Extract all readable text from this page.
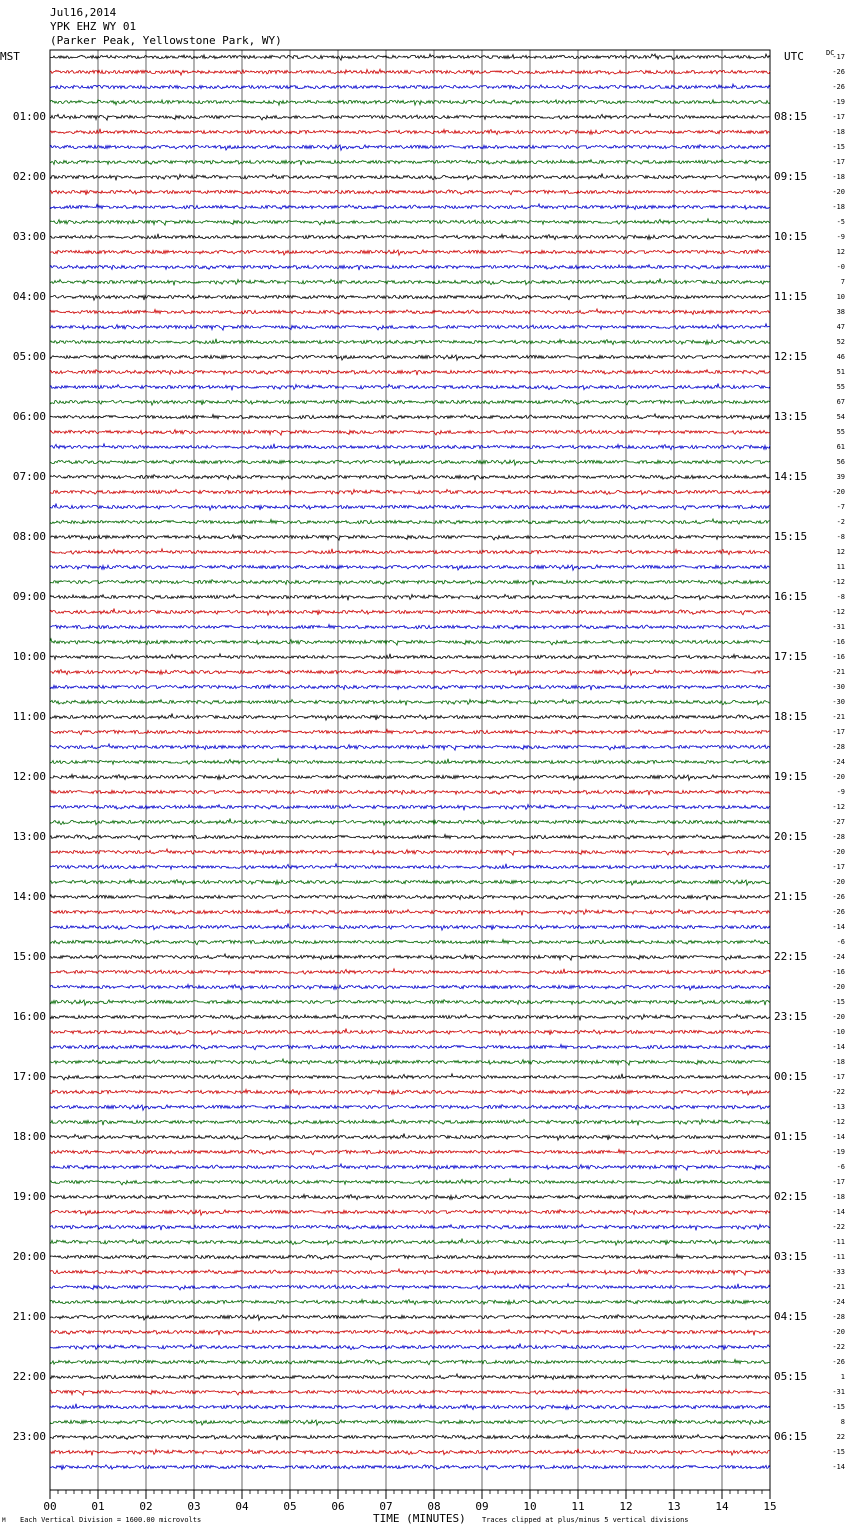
Jul16,2014
YPK EHZ WY 01
(Parker Peak, Yellowstone Park, WY)
MST	UTC	DC
01:00
02:00
03:00
04:00
05:00
06:00
07:00
08:00
09:00
10:00
11:00
12:00
13:00
14:00
15:00
16:00
17:00
18:00
19:00
20:00
21:00
22:00
23:00
08:15
09:15
10:15
11:15
12:15
13:15
14:15
15:15
16:15
17:15
18:15
19:15
20:15
21:15
22:15
23:15
00:15
01:15
02:15
03:15
04:15
05:15
06:15
-17
-26
-26
-19
-17
-18
-15
-17
-18
-20
-18
-5
-9
12
-0
7
10
38
47
52
46
51
55
67
54
55
61
56
39
-20
-7
-2
-8
12
11
-12
-8
-12
-31
-16
-16
-21
-30
-30
-21
-17
-28
-24
-20
-9
-12
-27
-28
-20
-17
-20
-26
-26
-14
-6
-24
-16
-20
-15
-20
-10
-14
-18
-17
-22
-13
-12
-14
-19
-6
-17
-18
-14
-22
-11
-11
-33
-21
-24
-28
-20
-22
-26
1
-31
-15
8
22
-15
-14
00	01	02	03	04	05	06	07	08	09	10	11	12	13	14	15
TIME (MINUTES)
M Each Vertical Division = 1600.00 microvolts	Traces clipped at plus/minus 5 vertical divisions
